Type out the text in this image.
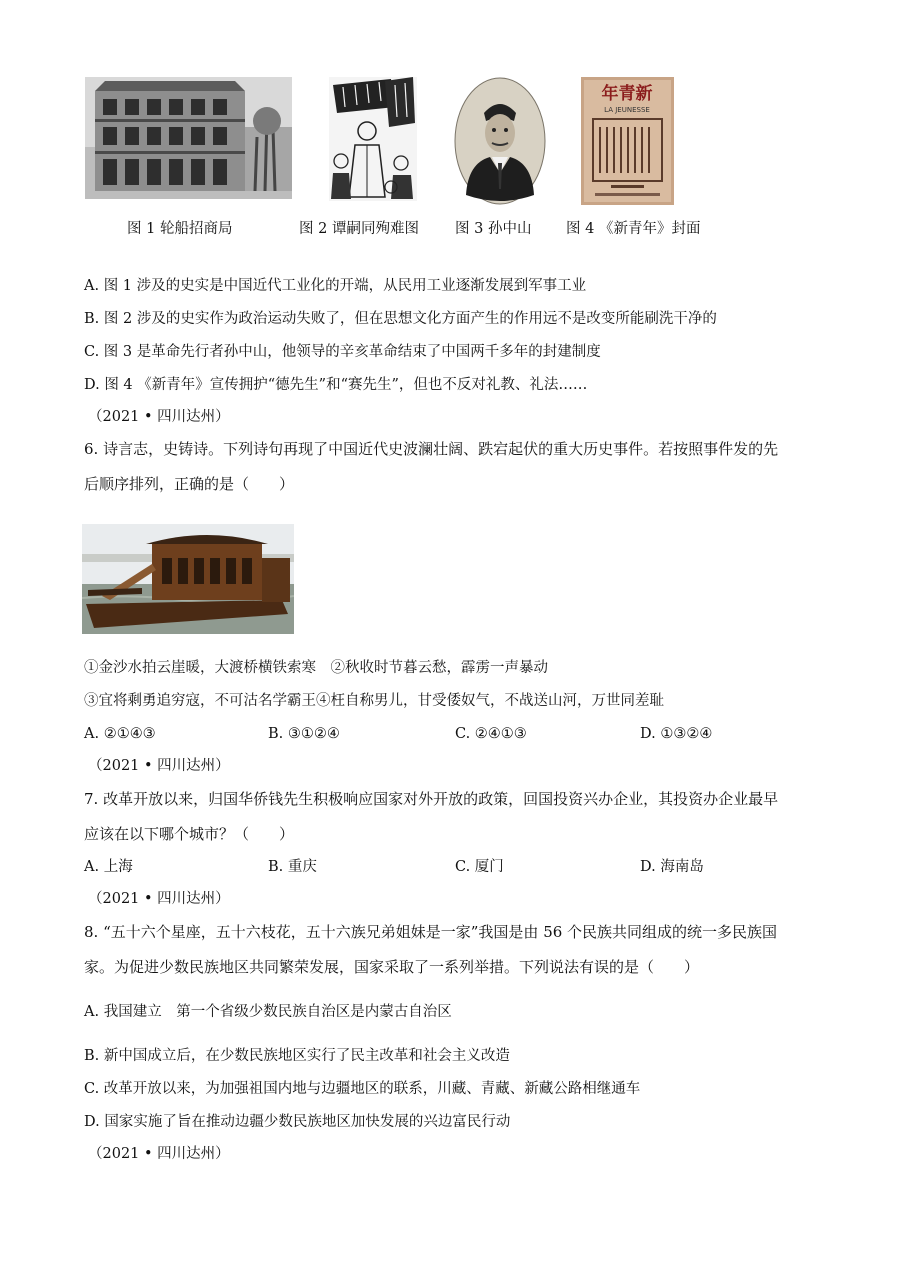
新青年
LA JEUNESSE
图 1 轮船招商局	图 2 谭嗣同殉难图 图 3 孙中山 图 4 《新青年》封面
A. 图 1 涉及的史实是中国近代工业化的开端，从民用工业逐渐发展到军事工业
B. 图 2 涉及的史实作为政治运动失败了，但在思想文化方面产生的作用远不是改变所能刷洗干净的
C. 图 3 是革命先行者孙中山，他领导的辛亥革命结束了中国两千多年的封建制度
D. 图 4 《新青年》宣传拥护“德先生”和“赛先生”，但也不反对礼教、礼法……
（2021 • 四川达州）
6. 诗言志，史铸诗。下列诗句再现了中国近代史波澜壮阔、跌宕起伏的重大历史事件。若按照事件发的先
后顺序排列，正确的是（　　）
①金沙水拍云崖暖，大渡桥横铁索寒　②秋收时节暮云愁，霹雳一声暴动
③宜将剩勇追穷寇，不可沽名学霸王④枉自称男儿，甘受倭奴气，不战送山河，万世同差耻
A. ②①④③	B. ③①②④	C. ②④①③	D. ①③②④
（2021 • 四川达州）
7. 改革开放以来，归国华侨钱先生积极响应国家对外开放的政策，回国投资兴办企业，其投资办企业最早
应该在以下哪个城市？（　　）
A. 上海	B. 重庆	C. 厦门	D. 海南岛
（2021 • 四川达州）
8. “五十六个星座，五十六枝花，五十六族兄弟姐妹是一家”我国是由 56 个民族共同组成的统一多民族国
家。为促进少数民族地区共同繁荣发展，国家采取了一系列举措。下列说法有误的是（　　）
A. 我国建立　第一个省级少数民族自治区是内蒙古自治区
B. 新中国成立后，在少数民族地区实行了民主改革和社会主义改造
C. 改革开放以来，为加强祖国内地与边疆地区的联系，川藏、青藏、新藏公路相继通车
D. 国家实施了旨在推动边疆少数民族地区加快发展的兴边富民行动
（2021 • 四川达州）
